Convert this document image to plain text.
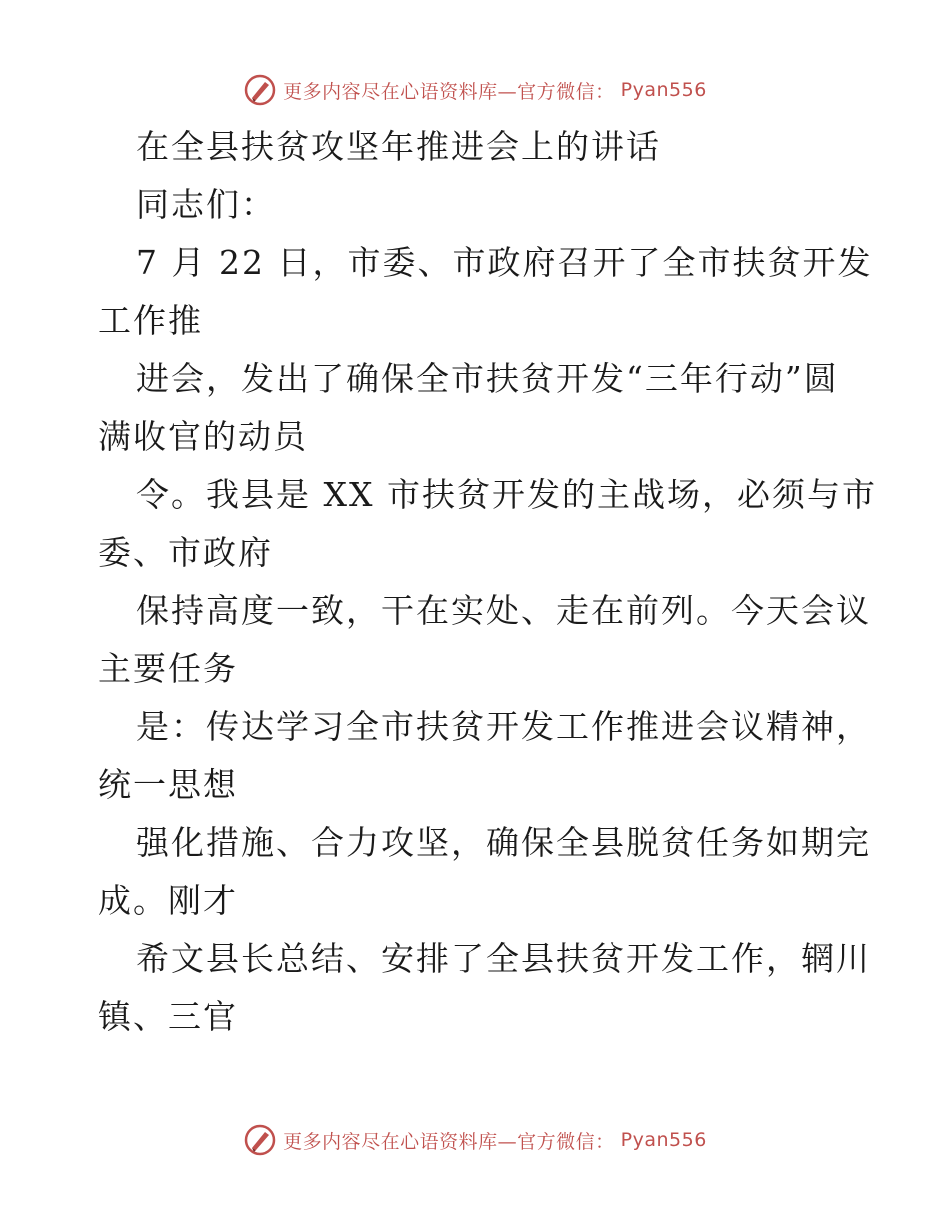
更多内容尽在心语资料库—官方微信： Pyan556
在全县扶贫攻坚年推进会上的讲话
同志们：
7 月 22 日，市委、市政府召开了全市扶贫开发
工作推
进会，发出了确保全市扶贫开发“三年行动”圆
满收官的动员
令。我县是 XX 市扶贫开发的主战场，必须与市
委、市政府
保持高度一致，干在实处、走在前列。今天会议
主要任务
是：传达学习全市扶贫开发工作推进会议精神，
统一思想
强化措施、合力攻坚，确保全县脱贫任务如期完
成。刚才
希文县长总结、安排了全县扶贫开发工作，辋川
镇、三官
更多内容尽在心语资料库—官方微信： Pyan556
